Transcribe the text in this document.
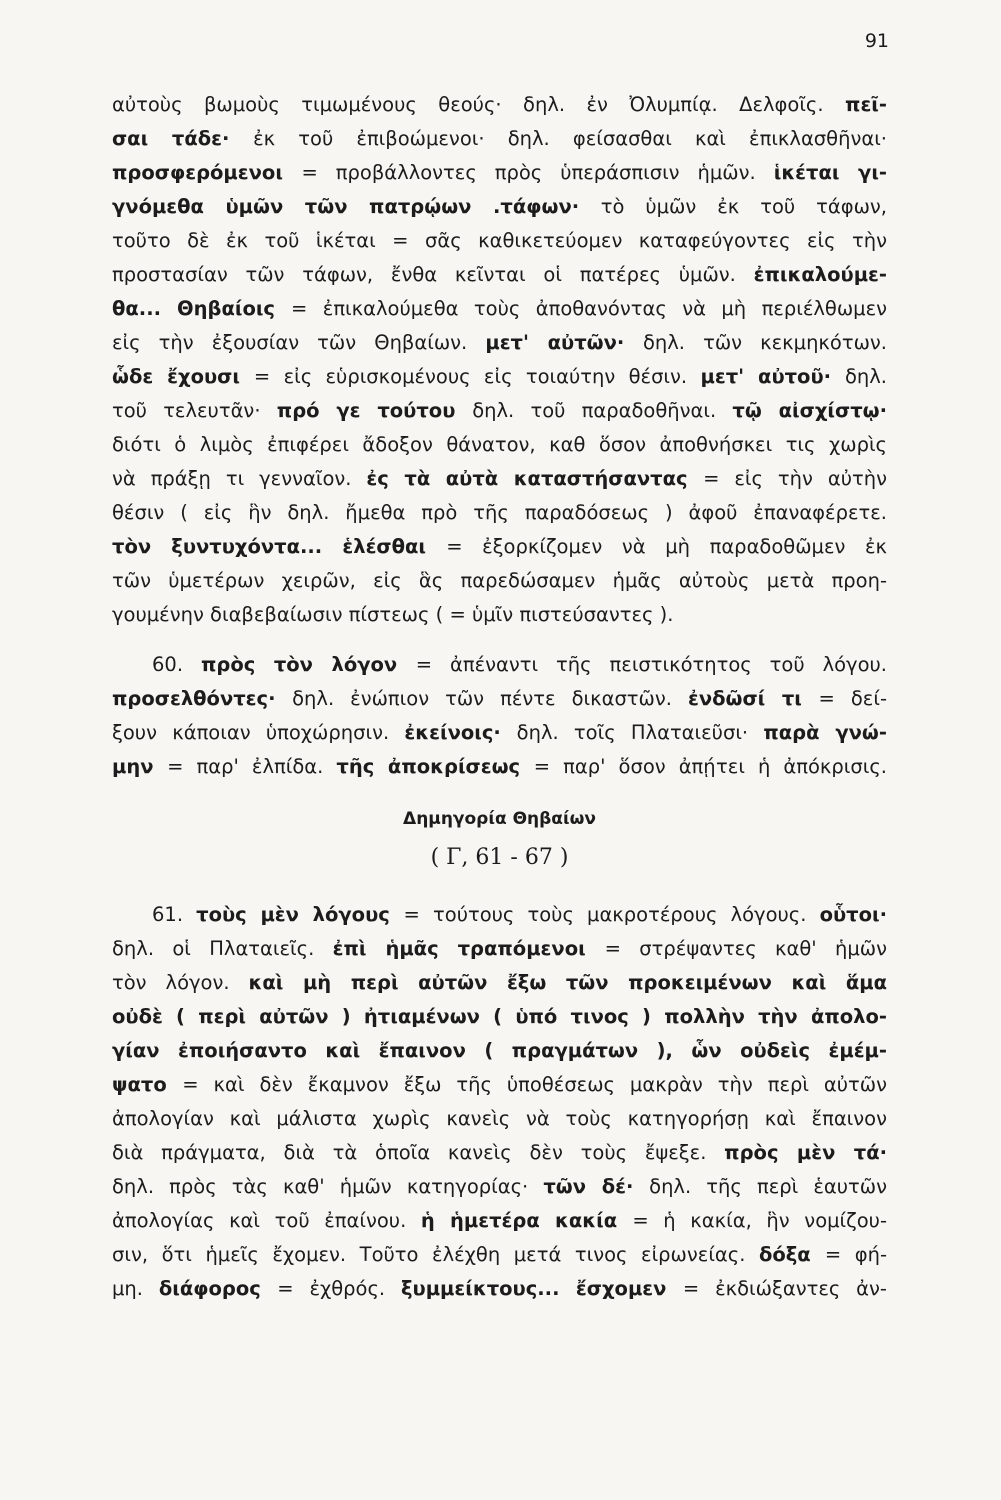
91
αὐτοὺς βωμοὺς τιμωμένους θεούς· δηλ. ἐν Ὀλυμπίᾳ. Δελφοῖς. πεῖ-
σαι τάδε· ἐκ τοῦ ἐπιβοώμενοι· δηλ. φείσασθαι καὶ ἐπικλασθῆναι·
προσφερόμενοι = προβάλλοντες πρὸς ὑπεράσπισιν ἡμῶν. ἱκέται γι-
γνόμεθα ὑμῶν τῶν πατρῴων .τάφων· τὸ ὑμῶν ἐκ τοῦ τάφων,
τοῦτο δὲ ἐκ τοῦ ἱκέται = σᾶς καθικετεύομεν καταφεύγοντες εἰς τὴν
προστασίαν τῶν τάφων, ἔνθα κεῖνται οἱ πατέρες ὑμῶν. ἐπικαλούμε-
θα... Θηβαίοις = ἐπικαλούμεθα τοὺς ἀποθανόντας νὰ μὴ περιέλθωμεν
εἰς τὴν ἐξουσίαν τῶν Θηβαίων. μετ' αὐτῶν· δηλ. τῶν κεκμηκότων.
ὧδε ἔχουσι = εἰς εὑρισκομένους εἰς τοιαύτην θέσιν. μετ' αὐτοῦ· δηλ.
τοῦ τελευτᾶν· πρό γε τούτου δηλ. τοῦ παραδοθῆναι. τῷ αἰσχίστῳ·
διότι ὁ λιμὸς ἐπιφέρει ἄδοξον θάνατον, καθ ὅσον ἀποθνήσκει τις χωρὶς
νὰ πράξῃ τι γενναῖον. ἐς τὰ αὐτὰ καταστήσαντας = εἰς τὴν αὐτὴν
θέσιν ( εἰς ἣν δηλ. ἤμεθα πρὸ τῆς παραδόσεως ) ἀφοῦ ἐπαναφέρετε.
τὸν ξυντυχόντα... ἑλέσθαι = ἐξορκίζομεν νὰ μὴ παραδοθῶμεν ἐκ
τῶν ὑμετέρων χειρῶν, εἰς ἃς παρεδώσαμεν ἡμᾶς αὐτοὺς μετὰ προη-
γουμένην διαβεβαίωσιν πίστεως ( = ὑμῖν πιστεύσαντες ).
60. πρὸς τὸν λόγον = ἀπέναντι τῆς πειστικότητος τοῦ λόγου.
προσελθόντες· δηλ. ἐνώπιον τῶν πέντε δικαστῶν. ἐνδῶσί τι = δεί-
ξουν κάποιαν ὑποχώρησιν. ἐκείνοις· δηλ. τοῖς Πλαταιεῦσι· παρὰ γνώ-
μην = παρ' ἐλπίδα. τῆς ἀποκρίσεως = παρ' ὅσον ἀπῄτει ἡ ἀπόκρισις.
Δημηγορία Θηβαίων
( Γ, 61 - 67 )
61. τοὺς μὲν λόγους = τούτους τοὺς μακροτέρους λόγους. οὗτοι·
δηλ. οἱ Πλαταιεῖς. ἐπὶ ἡμᾶς τραπόμενοι = στρέψαντες καθ' ἡμῶν
τὸν λόγον. καὶ μὴ περὶ αὐτῶν ἔξω τῶν προκειμένων καὶ ἅμα
οὐδὲ ( περὶ αὐτῶν ) ἠτιαμένων ( ὑπό τινος ) πολλὴν τὴν ἀπολο-
γίαν ἐποιήσαντο καὶ ἔπαινον ( πραγμάτων ), ὧν οὐδεὶς ἐμέμ-
ψατο = καὶ δὲν ἔκαμνον ἔξω τῆς ὑποθέσεως μακρὰν τὴν περὶ αὐτῶν
ἀπολογίαν καὶ μάλιστα χωρὶς κανεὶς νὰ τοὺς κατηγορήσῃ καὶ ἔπαινον
διὰ πράγματα, διὰ τὰ ὁποῖα κανεὶς δὲν τοὺς ἔψεξε. πρὸς μὲν τά·
δηλ. πρὸς τὰς καθ' ἡμῶν κατηγορίας· τῶν δέ· δηλ. τῆς περὶ ἑαυτῶν
ἀπολογίας καὶ τοῦ ἐπαίνου. ἡ ἡμετέρα κακία = ἡ κακία, ἣν νομίζου-
σιν, ὅτι ἡμεῖς ἔχομεν. Τοῦτο ἐλέχθη μετά τινος εἰρωνείας. δόξα = φή-
μη. διάφορος = ἐχθρός. ξυμμείκτους... ἔσχομεν = ἐκδιώξαντες ἀν-
